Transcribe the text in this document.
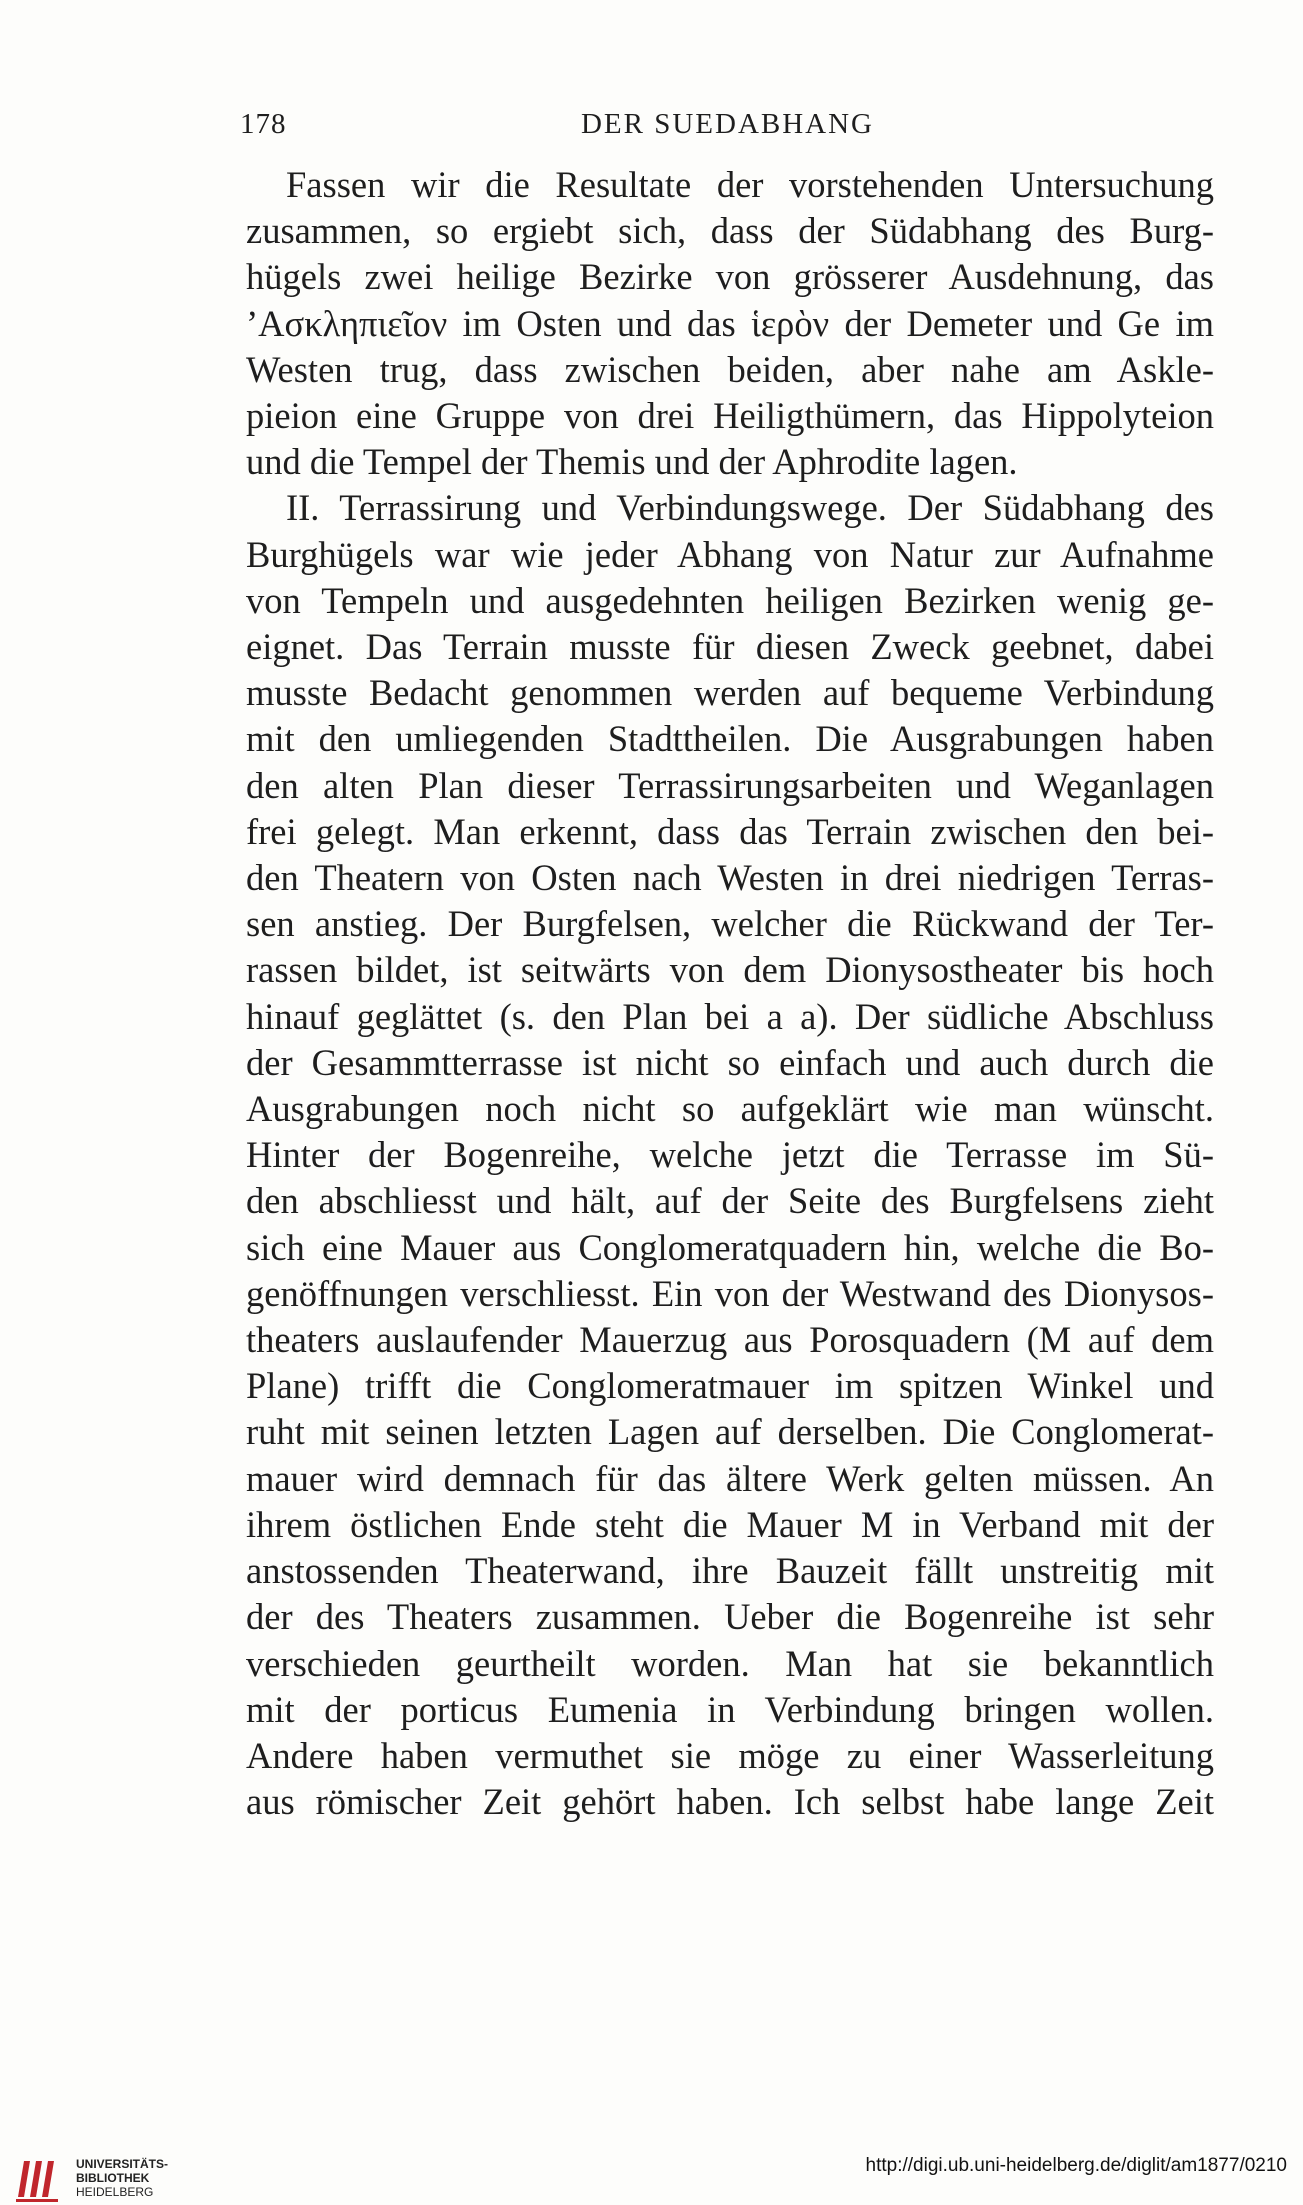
178	DER SUEDABHANG
Fassen wir die Resultate der vorstehenden Untersuchung
zusammen, so ergiebt sich, dass der Südabhang des Burg-
hügels zwei heilige Bezirke von grösserer Ausdehnung, das
ʼΑσκληπιεῖον im Osten und das ἱερὸν der Demeter und Ge im
Westen trug, dass zwischen beiden, aber nahe am Askle-
pieion eine Gruppe von drei Heiligthümern, das Hippolyteion
und die Tempel der Themis und der Aphrodite lagen.
II. Terrassirung und Verbindungswege. Der Südabhang des
Burghügels war wie jeder Abhang von Natur zur Aufnahme
von Tempeln und ausgedehnten heiligen Bezirken wenig ge-
eignet. Das Terrain musste für diesen Zweck geebnet, dabei
musste Bedacht genommen werden auf bequeme Verbindung
mit den umliegenden Stadttheilen. Die Ausgrabungen haben
den alten Plan dieser Terrassirungsarbeiten und Weganlagen
frei gelegt. Man erkennt, dass das Terrain zwischen den bei-
den Theatern von Osten nach Westen in drei niedrigen Terras-
sen anstieg. Der Burgfelsen, welcher die Rückwand der Ter-
rassen bildet, ist seitwärts von dem Dionysostheater bis hoch
hinauf geglättet (s. den Plan bei a a). Der südliche Abschluss
der Gesammtterrasse ist nicht so einfach und auch durch die
Ausgrabungen noch nicht so aufgeklärt wie man wünscht.
Hinter der Bogenreihe, welche jetzt die Terrasse im Sü-
den abschliesst und hält, auf der Seite des Burgfelsens zieht
sich eine Mauer aus Conglomeratquadern hin, welche die Bo-
genöffnungen verschliesst. Ein von der Westwand des Dionysos-
theaters auslaufender Mauerzug aus Porosquadern (M auf dem
Plane) trifft die Conglomeratmauer im spitzen Winkel und
ruht mit seinen letzten Lagen auf derselben. Die Conglomerat-
mauer wird demnach für das ältere Werk gelten müssen. An
ihrem östlichen Ende steht die Mauer M in Verband mit der
anstossenden Theaterwand, ihre Bauzeit fällt unstreitig mit
der des Theaters zusammen. Ueber die Bogenreihe ist sehr
verschieden geurtheilt worden. Man hat sie bekanntlich
mit der porticus Eumenia in Verbindung bringen wollen.
Andere haben vermuthet sie möge zu einer Wasserleitung
aus römischer Zeit gehört haben. Ich selbst habe lange Zeit
UNIVERSITÄTS-
BIBLIOTHEK
HEIDELBERG
http://digi.ub.uni-heidelberg.de/diglit/am1877/0210
